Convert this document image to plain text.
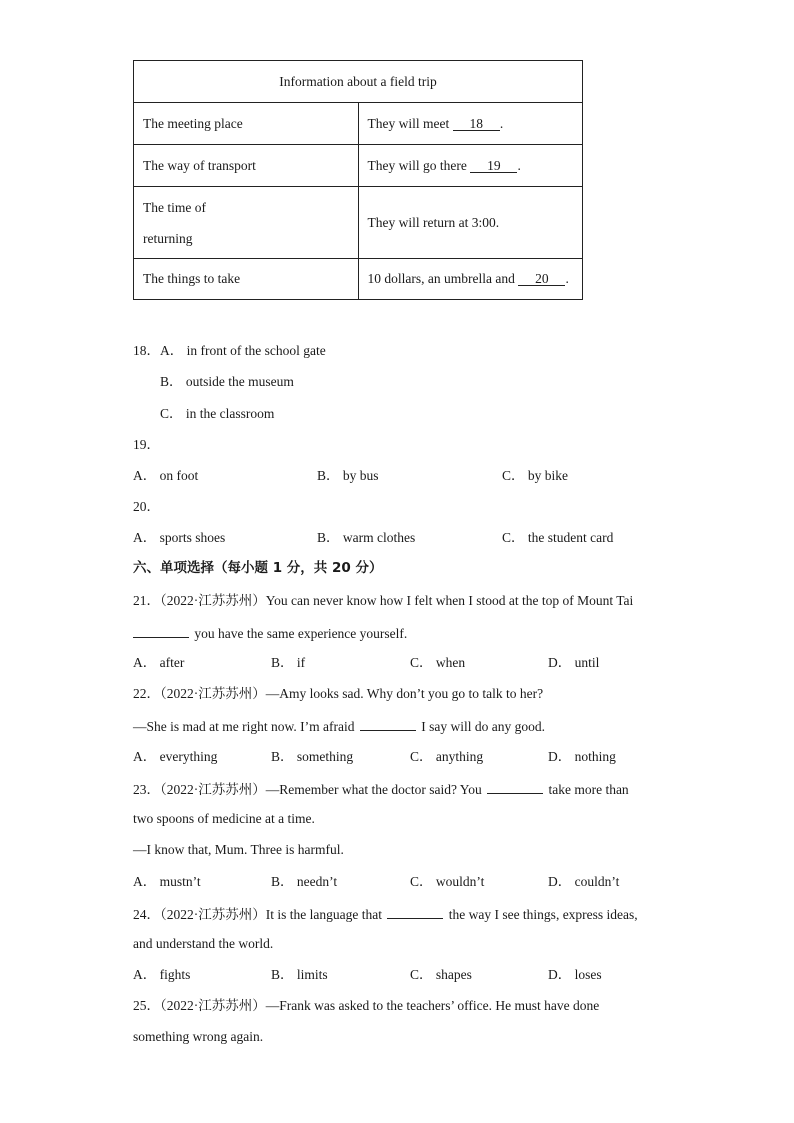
Information about a field trip	
The meeting place	They will meet      18 .
The way of transport	They will go there      19 .
The time of
returning	They will return at 3:00.
The things to take	10 dollars, an umbrella and      20 .
18．A． in front of the school gate
B． outside the museum
C． in the classroom
19．
A． on foot	B． by bus	C． by bike
20．
A． sports shoes	B． warm clothes	C． the student card
六、单项选择（每小题 1 分，共 20 分）
21．（2022·江苏苏州）You can never know how I felt when I stood at the top of Mount Tai
you have the same experience yourself.
A． after	B． if	C． when	D． until
22．（2022·江苏苏州）—Amy looks sad. Why don’t you go to talk to her?
—She is mad at me right now. I’m afraid	I say will do any good.
A． everything	B． something	C． anything	D． nothing
23．（2022·江苏苏州）—Remember what the doctor said? You	take more than
two spoons of medicine at a time.
—I know that, Mum. Three is harmful.
A． mustn’t	B． needn’t	C． wouldn’t	D． couldn’t
24．（2022·江苏苏州）It is the language that	the way I see things, express ideas,
and understand the world.
A． fights	B． limits	C． shapes	D． loses
25．（2022·江苏苏州）—Frank was asked to the teachers’ office. He must have done
something wrong again.
